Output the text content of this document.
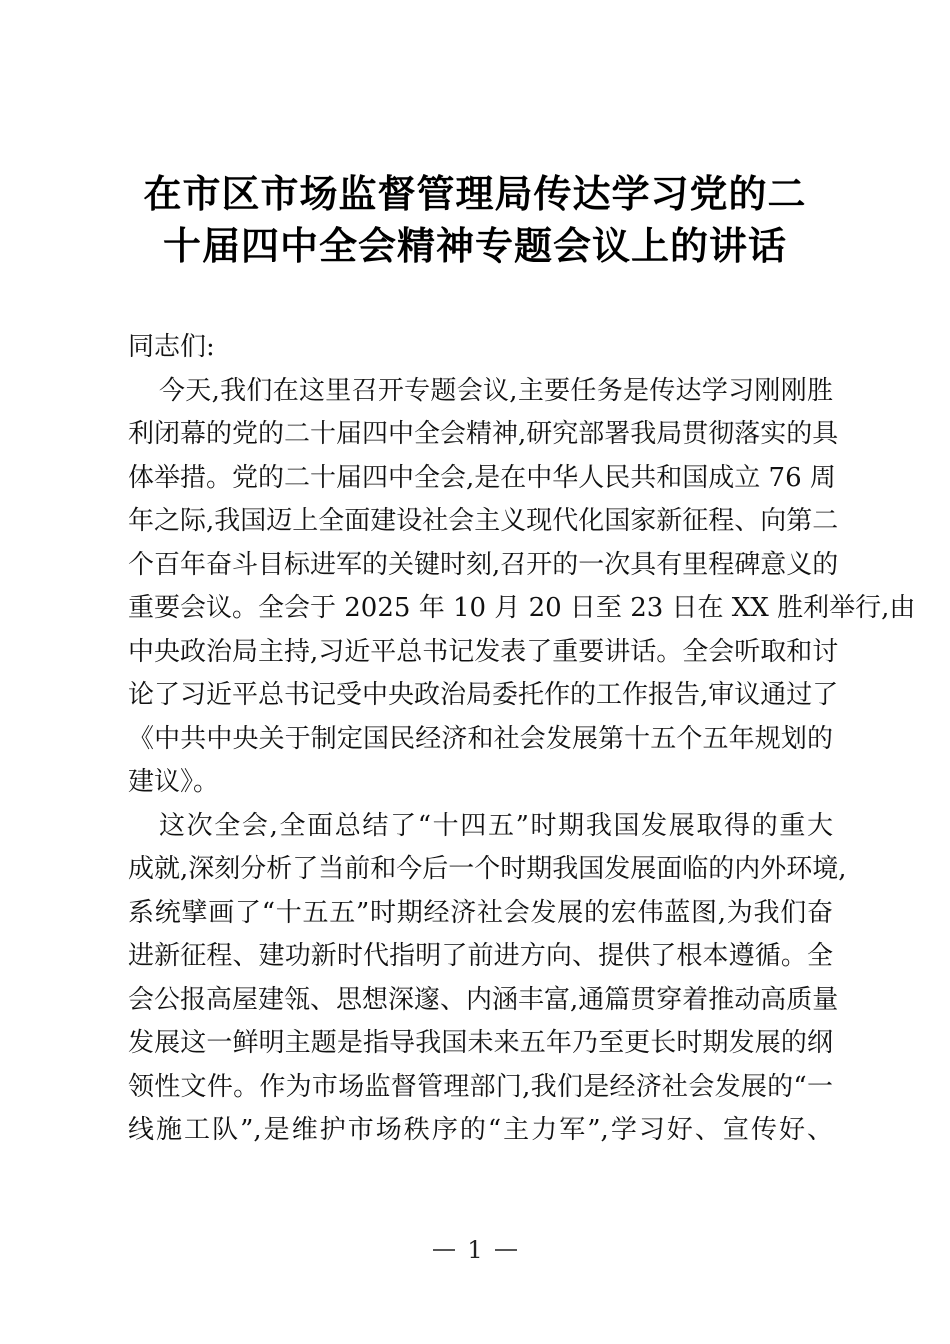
在市区市场监督管理局传达学习党的二
十届四中全会精神专题会议上的讲话
同志们:
今天,我们在这里召开专题会议,主要任务是传达学习刚刚胜
利闭幕的党的二十届四中全会精神,研究部署我局贯彻落实的具
体举措。党的二十届四中全会,是在中华人民共和国成立 76 周
年之际,我国迈上全面建设社会主义现代化国家新征程、向第二
个百年奋斗目标进军的关键时刻,召开的一次具有里程碑意义的
重要会议。全会于 2025 年 10 月 20 日至 23 日在 XX 胜利举行,由
中央政治局主持,习近平总书记发表了重要讲话。全会听取和讨
论了习近平总书记受中央政治局委托作的工作报告,审议通过了
《中共中央关于制定国民经济和社会发展第十五个五年规划的
建议》。
这次全会,全面总结了“十四五”时期我国发展取得的重大
成就,深刻分析了当前和今后一个时期我国发展面临的内外环境,
系统擘画了“十五五”时期经济社会发展的宏伟蓝图,为我们奋
进新征程、建功新时代指明了前进方向、提供了根本遵循。全
会公报高屋建瓴、思想深邃、内涵丰富,通篇贯穿着推动高质量
发展这一鲜明主题是指导我国未来五年乃至更长时期发展的纲
领性文件。作为市场监督管理部门,我们是经济社会发展的“一
线施工队”,是维护市场秩序的“主力军”,学习好、宣传好、
1
